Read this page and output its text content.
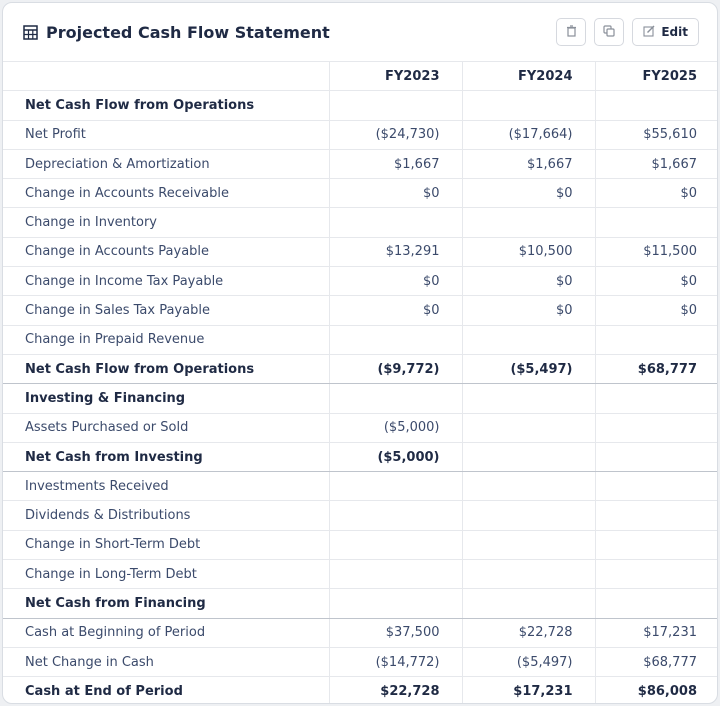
Projected Cash Flow Statement	Edit
	FY2023	FY2024	FY2025
Net Cash Flow from Operations			
Net Profit	($24,730)	($17,664)	$55,610
Depreciation & Amortization	$1,667	$1,667	$1,667
Change in Accounts Receivable	$0	$0	$0
Change in Inventory			
Change in Accounts Payable	$13,291	$10,500	$11,500
Change in Income Tax Payable	$0	$0	$0
Change in Sales Tax Payable	$0	$0	$0
Change in Prepaid Revenue			
Net Cash Flow from Operations	($9,772)	($5,497)	$68,777
Investing & Financing			
Assets Purchased or Sold	($5,000)		
Net Cash from Investing	($5,000)		
Investments Received			
Dividends & Distributions			
Change in Short-Term Debt			
Change in Long-Term Debt			
Net Cash from Financing			
Cash at Beginning of Period	$37,500	$22,728	$17,231
Net Change in Cash	($14,772)	($5,497)	$68,777
Cash at End of Period	$22,728	$17,231	$86,008
